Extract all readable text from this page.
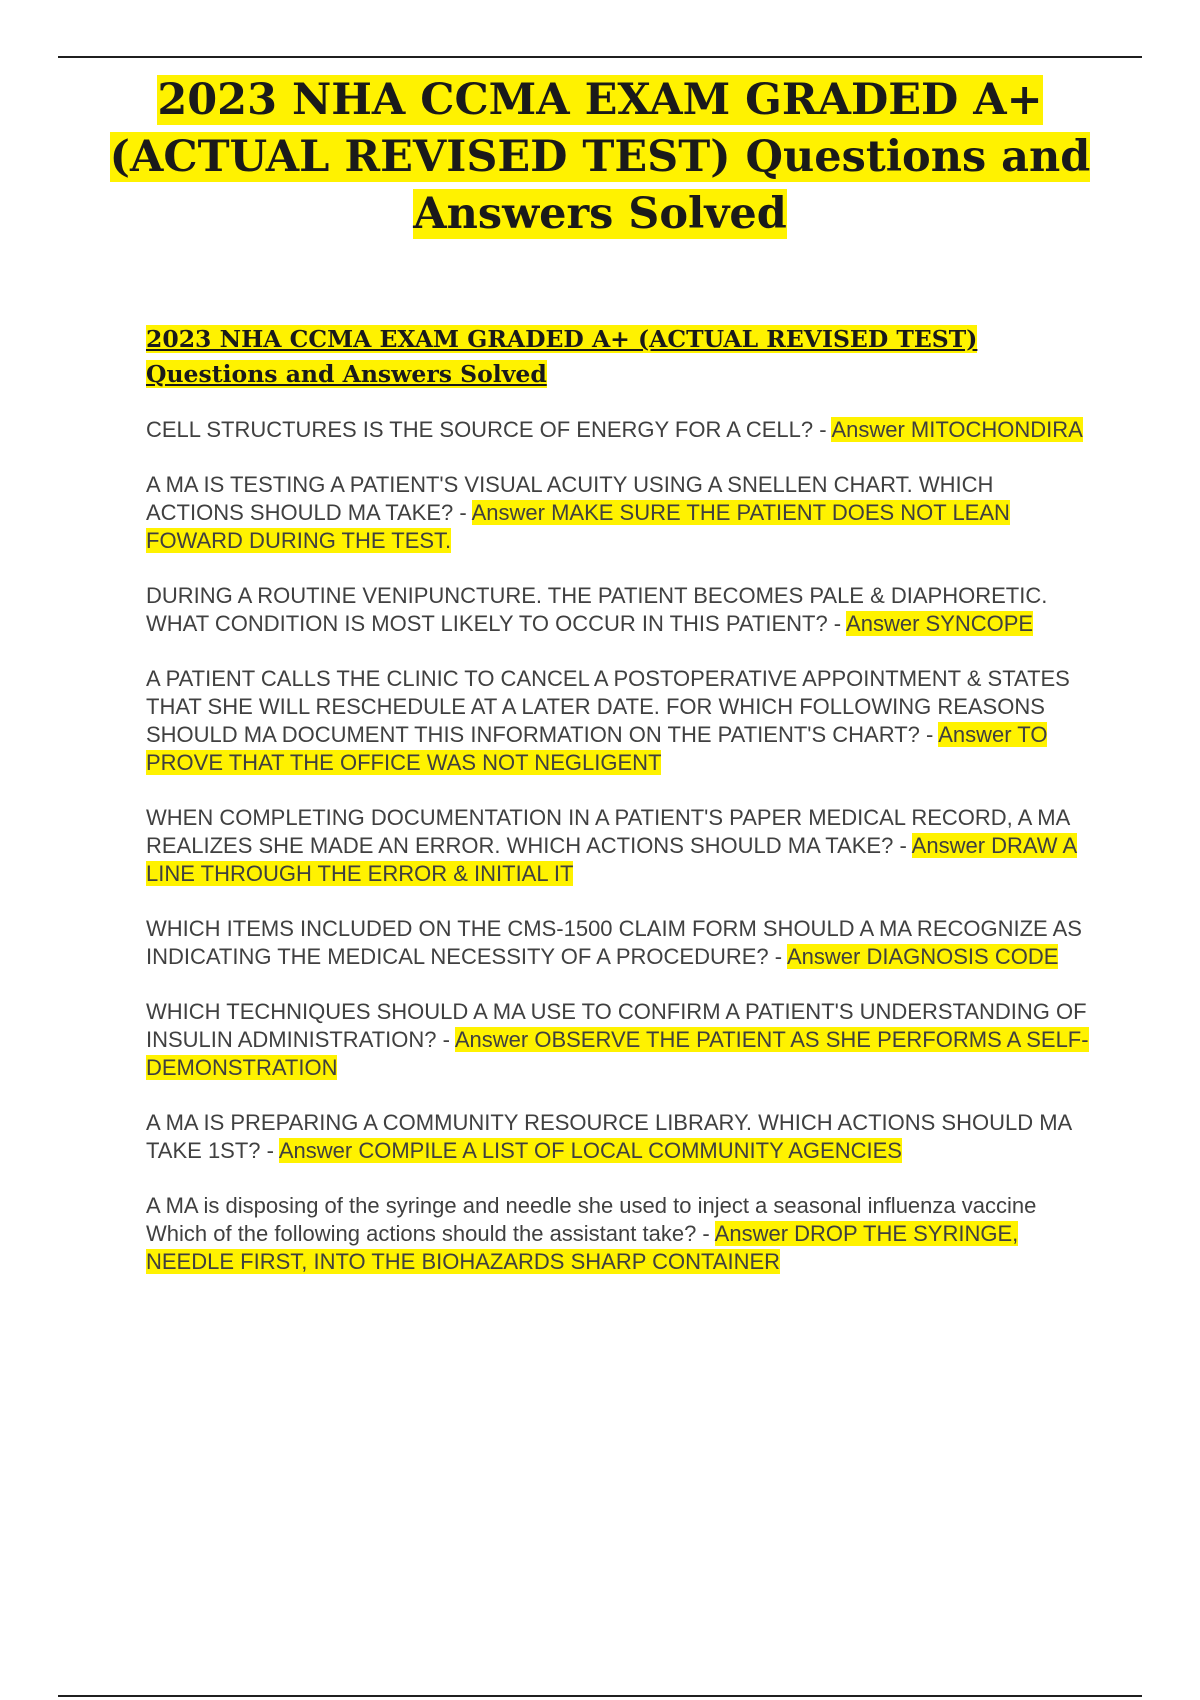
2023 NHA CCMA EXAM GRADED A+ (ACTUAL REVISED TEST) Questions and Answers Solved
2023 NHA CCMA EXAM GRADED A+ (ACTUAL REVISED TEST) Questions and Answers Solved

CELL STRUCTURES IS THE SOURCE OF ENERGY FOR A CELL? - Answer MITOCHONDIRA

A MA IS TESTING A PATIENT'S VISUAL ACUITY USING A SNELLEN CHART. WHICH ACTIONS SHOULD MA TAKE? - Answer MAKE SURE THE PATIENT DOES NOT LEAN FOWARD DURING THE TEST.

DURING A ROUTINE VENIPUNCTURE. THE PATIENT BECOMES PALE & DIAPHORETIC. WHAT CONDITION IS MOST LIKELY TO OCCUR IN THIS PATIENT? - Answer SYNCOPE

A PATIENT CALLS THE CLINIC TO CANCEL A POSTOPERATIVE APPOINTMENT & STATES THAT SHE WILL RESCHEDULE AT A LATER DATE. FOR WHICH FOLLOWING REASONS SHOULD MA DOCUMENT THIS INFORMATION ON THE PATIENT'S CHART? - Answer TO PROVE THAT THE OFFICE WAS NOT NEGLIGENT

WHEN COMPLETING DOCUMENTATION IN A PATIENT'S PAPER MEDICAL RECORD, A MA REALIZES SHE MADE AN ERROR. WHICH ACTIONS SHOULD MA TAKE? - Answer DRAW A LINE THROUGH THE ERROR & INITIAL IT

WHICH ITEMS INCLUDED ON THE CMS-1500 CLAIM FORM SHOULD A MA RECOGNIZE AS INDICATING THE MEDICAL NECESSITY OF A PROCEDURE? - Answer DIAGNOSIS CODE

WHICH TECHNIQUES SHOULD A MA USE TO CONFIRM A PATIENT'S UNDERSTANDING OF INSULIN ADMINISTRATION? - Answer OBSERVE THE PATIENT AS SHE PERFORMS A SELF-DEMONSTRATION

A MA IS PREPARING A COMMUNITY RESOURCE LIBRARY. WHICH ACTIONS SHOULD MA TAKE 1ST? - Answer COMPILE A LIST OF LOCAL COMMUNITY AGENCIES

A MA is disposing of the syringe and needle she used to inject a seasonal influenza vaccine Which of the following actions should the assistant take? - Answer DROP THE SYRINGE, NEEDLE FIRST, INTO THE BIOHAZARDS SHARP CONTAINER
